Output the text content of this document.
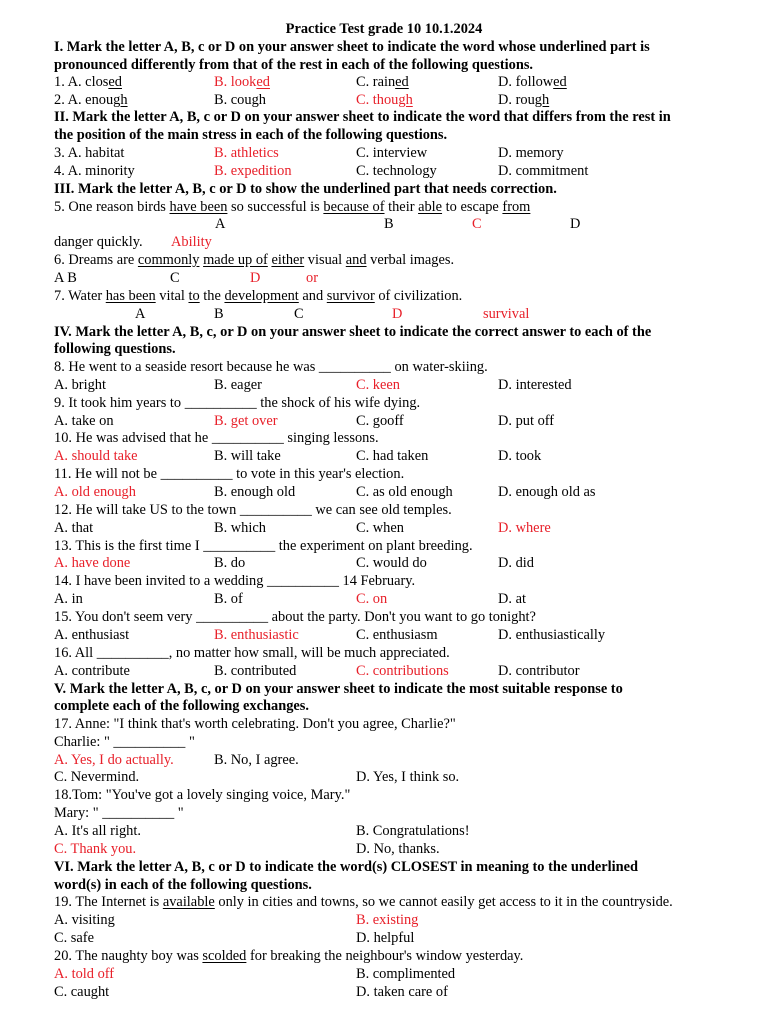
Practice Test grade 10 10.1.2024
I. Mark the letter A, B, c or D on your answer sheet to indicate the word whose underlined part is
pronounced differently from that of the rest in each of the following questions.
1. A. closed	B. looked	C. rained	D. followed
2. A. enough	B. cough	C. though	D. rough
II. Mark the letter A, B, c or D on your answer sheet to indicate the word that differs from the rest in
the position of the main stress in each of the following questions.
3. A. habitat	B. athletics	C. interview	D. memory
4. A. minority	B. expedition	C. technology	D. commitment
III. Mark the letter A, B, c or D to show the underlined part that needs correction.
5. One reason birds have been so successful is because of their able to escape from
A	B	C	D
danger quickly. Ability
6. Dreams are commonly made up of either visual and verbal images.
A B	C	D	or
7. Water has been vital to the development and survivor of civilization.
A	B	C	D	survival
IV. Mark the letter A, B, c, or D on your answer sheet to indicate the correct answer to each of the
following questions.
8. He went to a seaside resort because he was __________ on water-skiing.
A. bright	B. eager	C. keen	D. interested
9. It took him years to __________ the shock of his wife dying.
A. take on	B. get over	C. gooff	D. put off
10. He was advised that he __________ singing lessons.
A. should take	B. will take	C. had taken	D. took
11. He will not be __________ to vote in this year's election.
A. old enough	B. enough old	C. as old enough	D. enough old as
12. He will take US to the town __________ we can see old temples.
A. that	B. which	C. when	D. where
13. This is the first time I __________ the experiment on plant breeding.
A. have done	B. do	C. would do	D. did
14. I have been invited to a wedding __________ 14 February.
A. in	B. of	C. on	D. at
15. You don't seem very __________ about the party. Don't you want to go tonight?
A. enthusiast	B. enthusiastic	C. enthusiasm	D. enthusiastically
16. All __________, no matter how small, will be much appreciated.
A. contribute	B. contributed	C. contributions	D. contributor
V. Mark the letter A, B, c, or D on your answer sheet to indicate the most suitable response to
complete each of the following exchanges.
17. Anne: "I think that's worth celebrating. Don't you agree, Charlie?"
Charlie: " __________ "
A. Yes, I do actually.	B. No, I agree.
C. Nevermind.	D. Yes, I think so.
18.Tom: "You've got a lovely singing voice, Mary."
Mary: " __________ "
A. It's all right.	B. Congratulations!
C. Thank you.	D. No, thanks.
VI. Mark the letter A, B, c or D to indicate the word(s) CLOSEST in meaning to the underlined
word(s) in each of the following questions.
19. The Internet is available only in cities and towns, so we cannot easily get access to it in the countryside.
A. visiting	B. existing
C. safe	D. helpful
20. The naughty boy was scolded for breaking the neighbour's window yesterday.
A. told off	B. complimented
C. caught	D. taken care of
